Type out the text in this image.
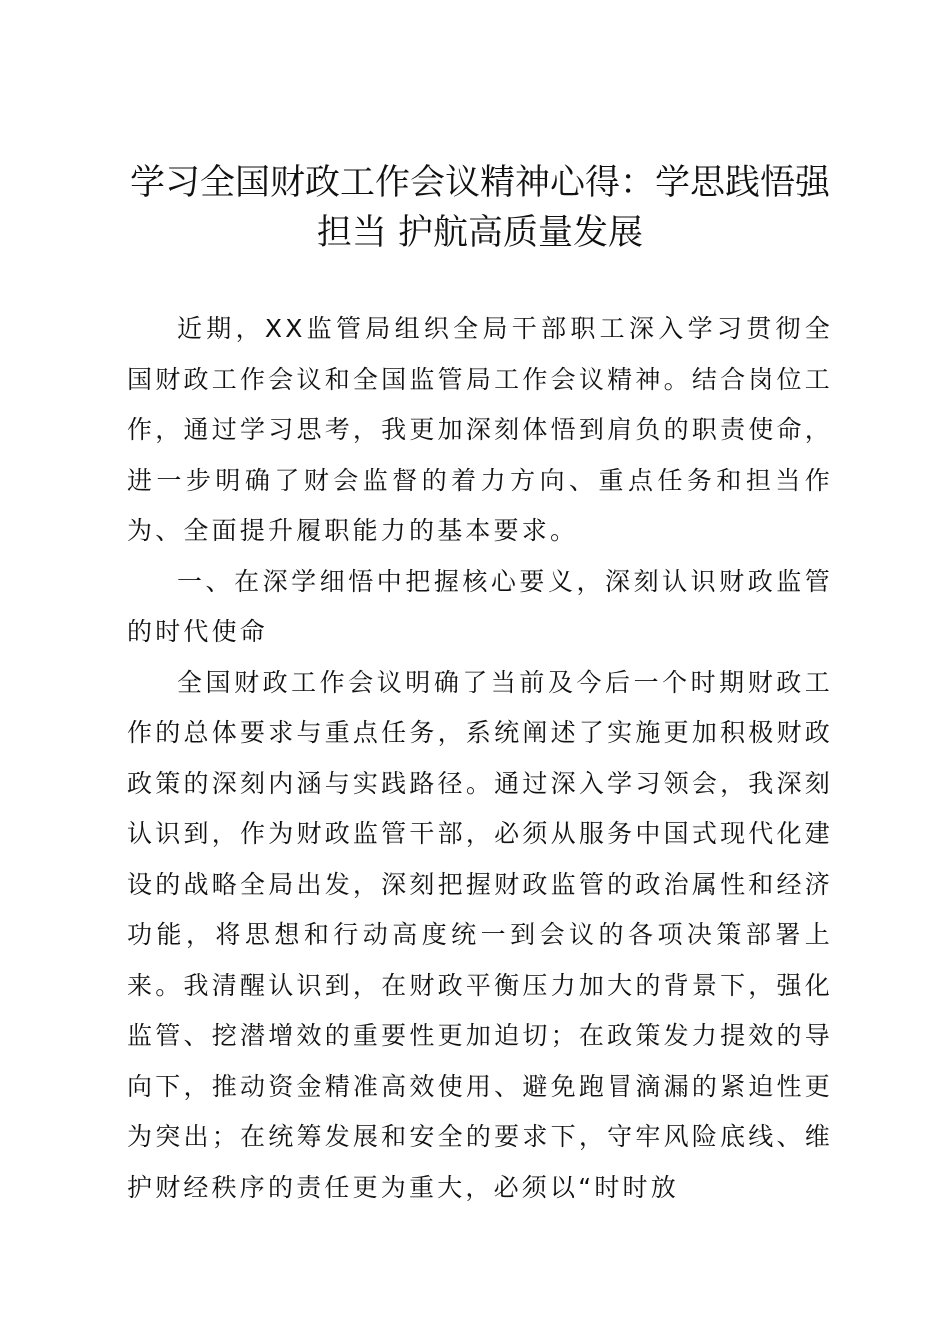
学习全国财政工作会议精神心得：学思践悟强
担当 护航高质量发展

近期，XX监管局组织全局干部职工深入学习贯彻全国财政工作会议和全国监管局工作会议精神。结合岗位工作，通过学习思考，我更加深刻体悟到肩负的职责使命，进一步明确了财会监督的着力方向、重点任务和担当作为、全面提升履职能力的基本要求。

一、在深学细悟中把握核心要义，深刻认识财政监管的时代使命

全国财政工作会议明确了当前及今后一个时期财政工作的总体要求与重点任务，系统阐述了实施更加积极财政政策的深刻内涵与实践路径。通过深入学习领会，我深刻认识到，作为财政监管干部，必须从服务中国式现代化建设的战略全局出发，深刻把握财政监管的政治属性和经济功能，将思想和行动高度统一到会议的各项决策部署上来。我清醒认识到，在财政平衡压力加大的背景下，强化监管、挖潜增效的重要性更加迫切；在政策发力提效的导向下，推动资金精准高效使用、避免跑冒滴漏的紧迫性更为突出；在统筹发展和安全的要求下，守牢风险底线、维护财经秩序的责任更为重大，必须以“时时放
